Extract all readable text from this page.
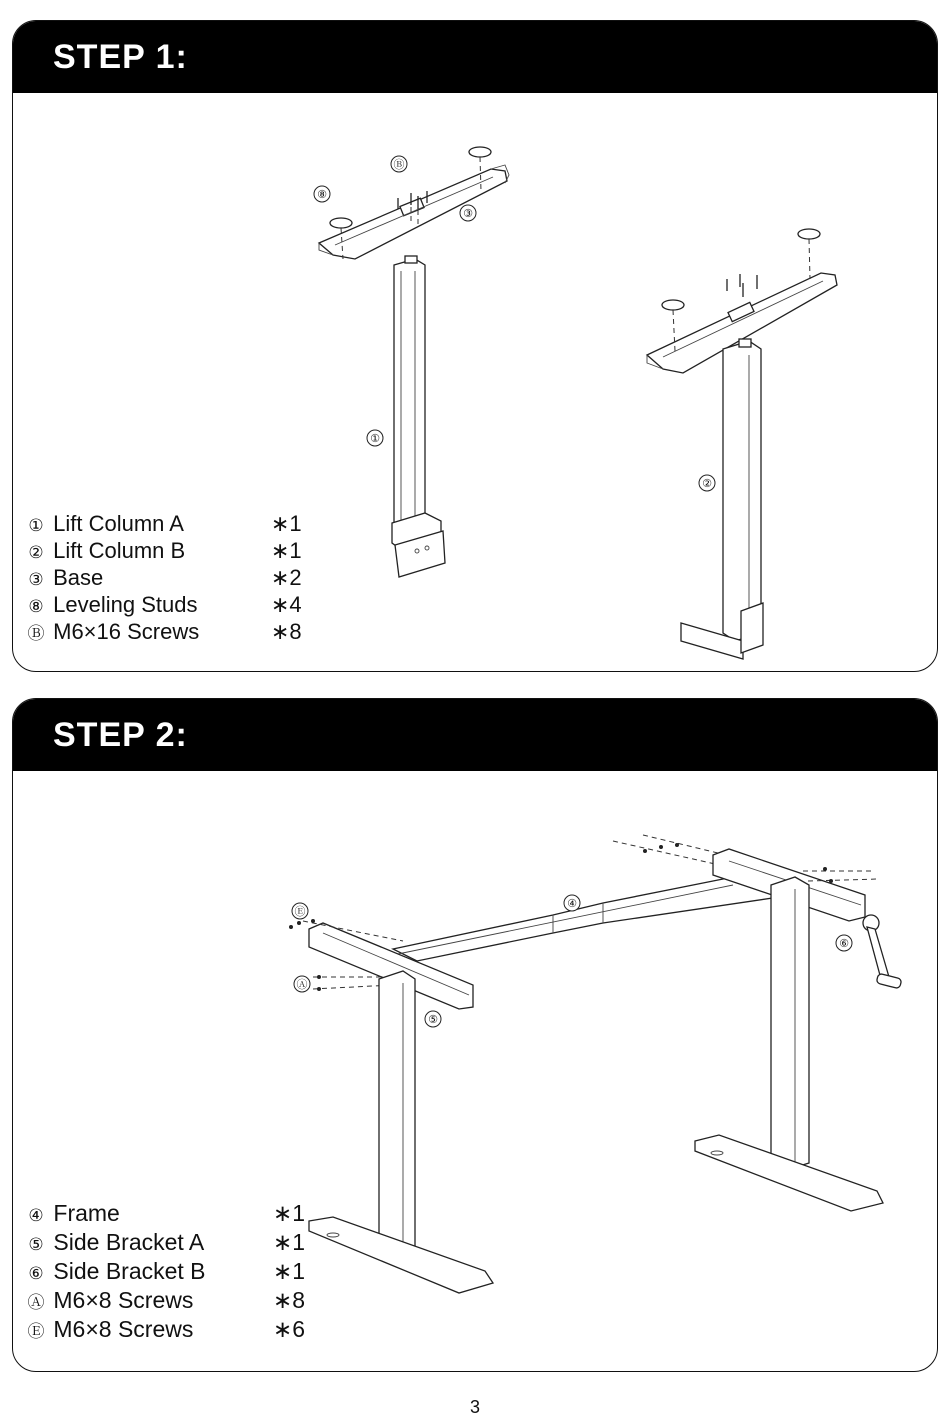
STEP 1:
③
⑧
Ⓑ
①
②
① Lift Column A	∗1
② Lift Column B	∗1
③ Base	∗2
⑧ Leveling Studs	∗4
Ⓑ M6×16 Screws	∗8
STEP 2:
④
⑤
⑥
Ⓐ
Ⓔ
④ Frame	∗1
⑤ Side Bracket A	∗1
⑥ Side Bracket B	∗1
Ⓐ M6×8 Screws	∗8
Ⓔ M6×8 Screws	∗6
3
